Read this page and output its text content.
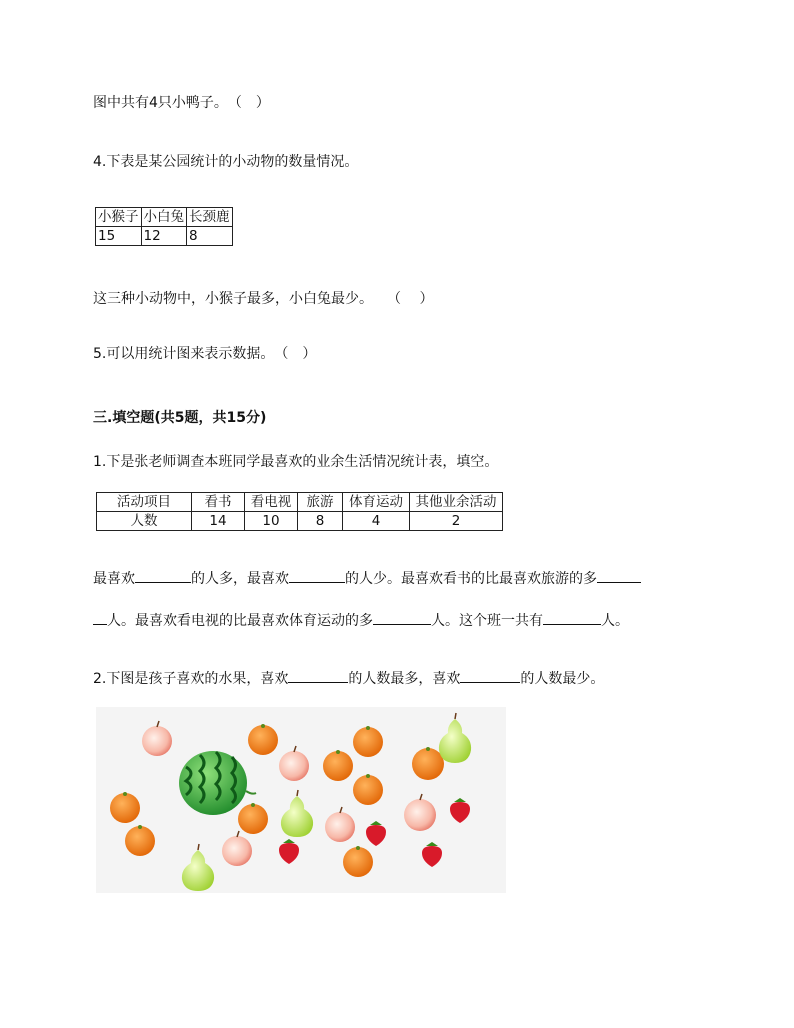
图中共有4只小鸭子。　（　）
4.下表是某公园统计的小动物的数量情况。
小猴子	小白兔	长颈鹿
15	12	8
这三种小动物中，小猴子最多，小白兔最少。　　（　 ）
5.可以用统计图来表示数据。　（　）
三.填空题(共5题，共15分)
1.下是张老师调查本班同学最喜欢的业余生活情况统计表，填空。
活动项目	看书	看电视	旅游	体育运动	其他业余活动
人数	14	10	8	4	2
最喜欢	的人多，最喜欢	的人少。最喜欢看书的比最喜欢旅游的多
人。最喜欢看电视的比最喜欢体育运动的多	人。这个班一共有	人。
2.下图是孩子喜欢的水果，喜欢	的人数最多，喜欢	的人数最少。
